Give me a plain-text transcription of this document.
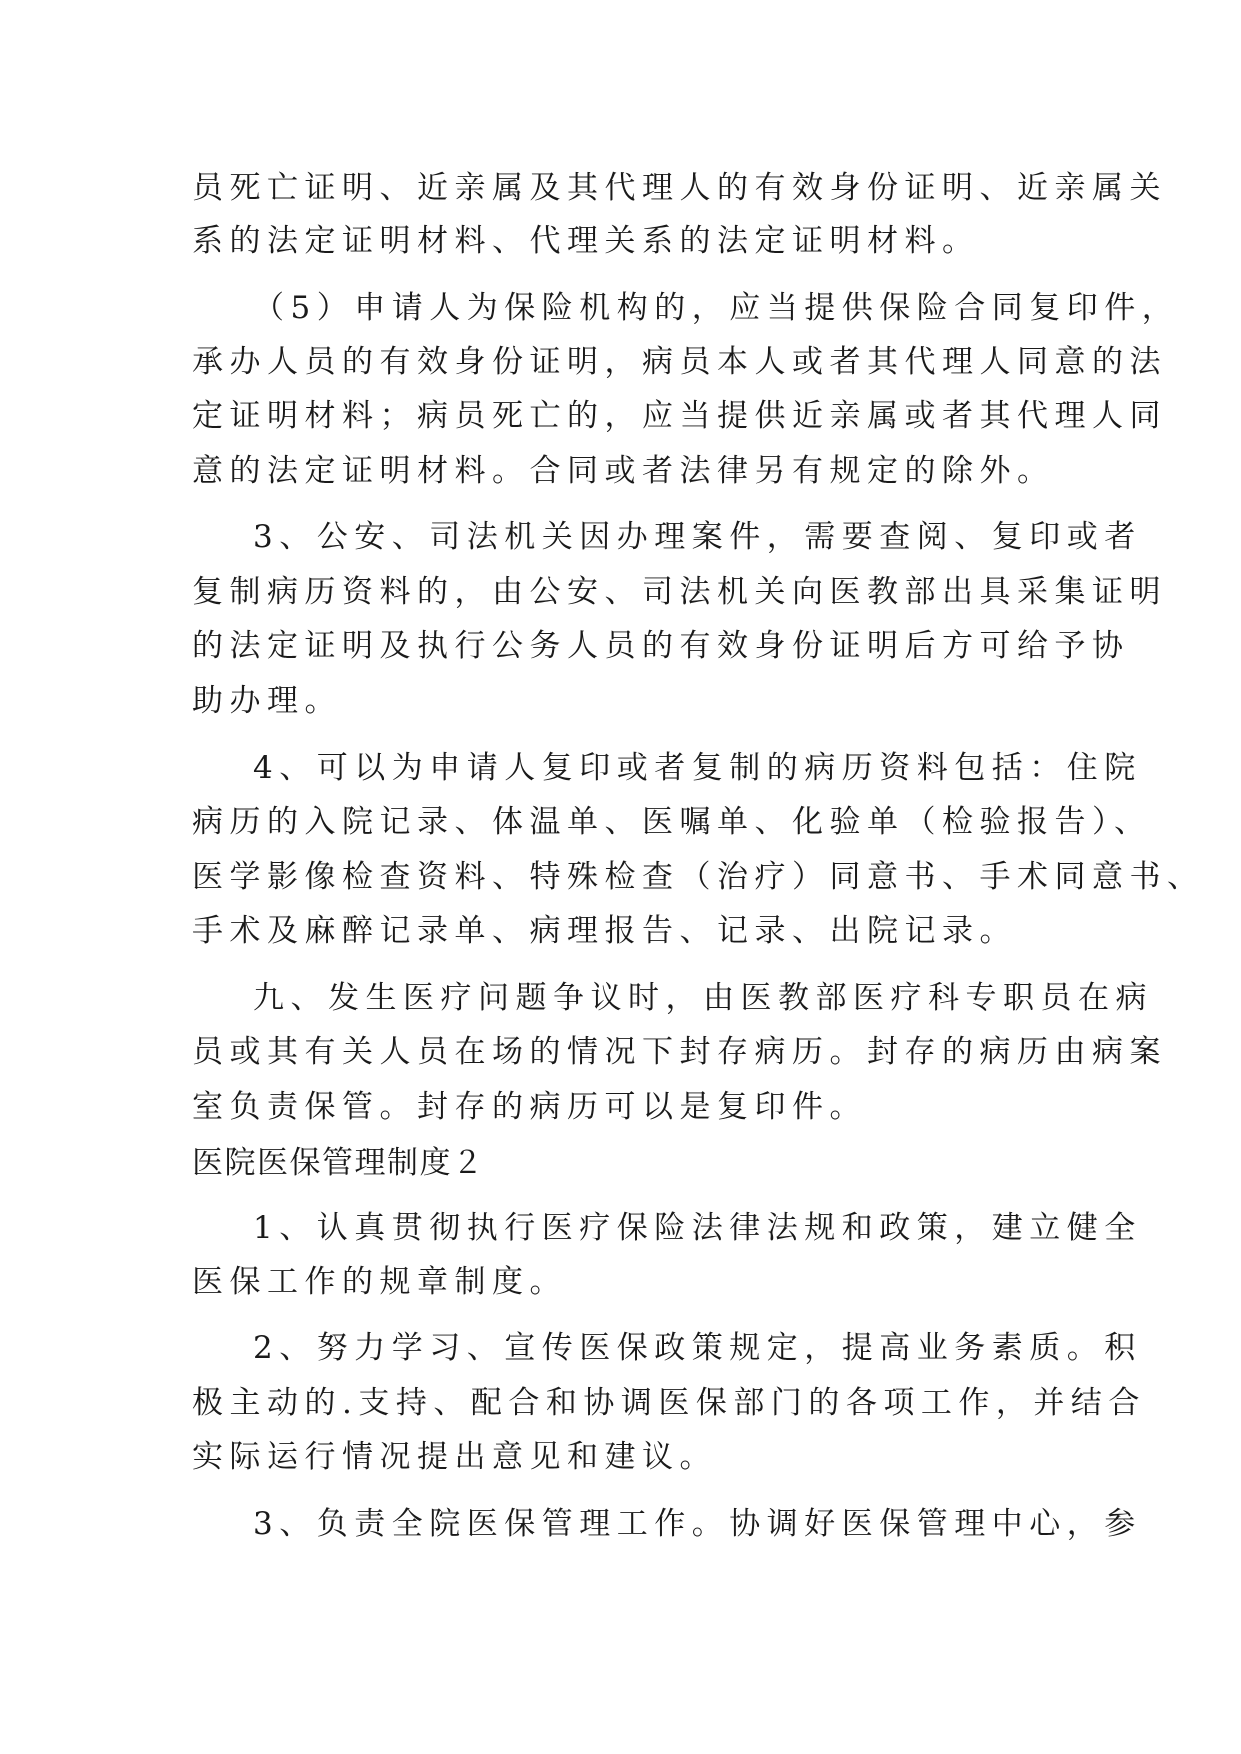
员死亡证明、近亲属及其代理人的有效身份证明、近亲属关
系的法定证明材料、代理关系的法定证明材料。
（5）申请人为保险机构的，应当提供保险合同复印件，
承办人员的有效身份证明，病员本人或者其代理人同意的法
定证明材料；病员死亡的，应当提供近亲属或者其代理人同
意的法定证明材料。合同或者法律另有规定的除外。
3、公安、司法机关因办理案件，需要查阅、复印或者
复制病历资料的，由公安、司法机关向医教部出具采集证明
的法定证明及执行公务人员的有效身份证明后方可给予协
助办理。
4、可以为申请人复印或者复制的病历资料包括：住院
病历的入院记录、体温单、医嘱单、化验单（检验报告）、
医学影像检查资料、特殊检查（治疗）同意书、手术同意书、
手术及麻醉记录单、病理报告、记录、出院记录。
九、发生医疗问题争议时，由医教部医疗科专职员在病
员或其有关人员在场的情况下封存病历。封存的病历由病案
室负责保管。封存的病历可以是复印件。
医院医保管理制度２
1、认真贯彻执行医疗保险法律法规和政策，建立健全
医保工作的规章制度。
2、努力学习、宣传医保政策规定，提高业务素质。积
极主动的.支持、配合和协调医保部门的各项工作，并结合
实际运行情况提出意见和建议。
3、负责全院医保管理工作。协调好医保管理中心，参
